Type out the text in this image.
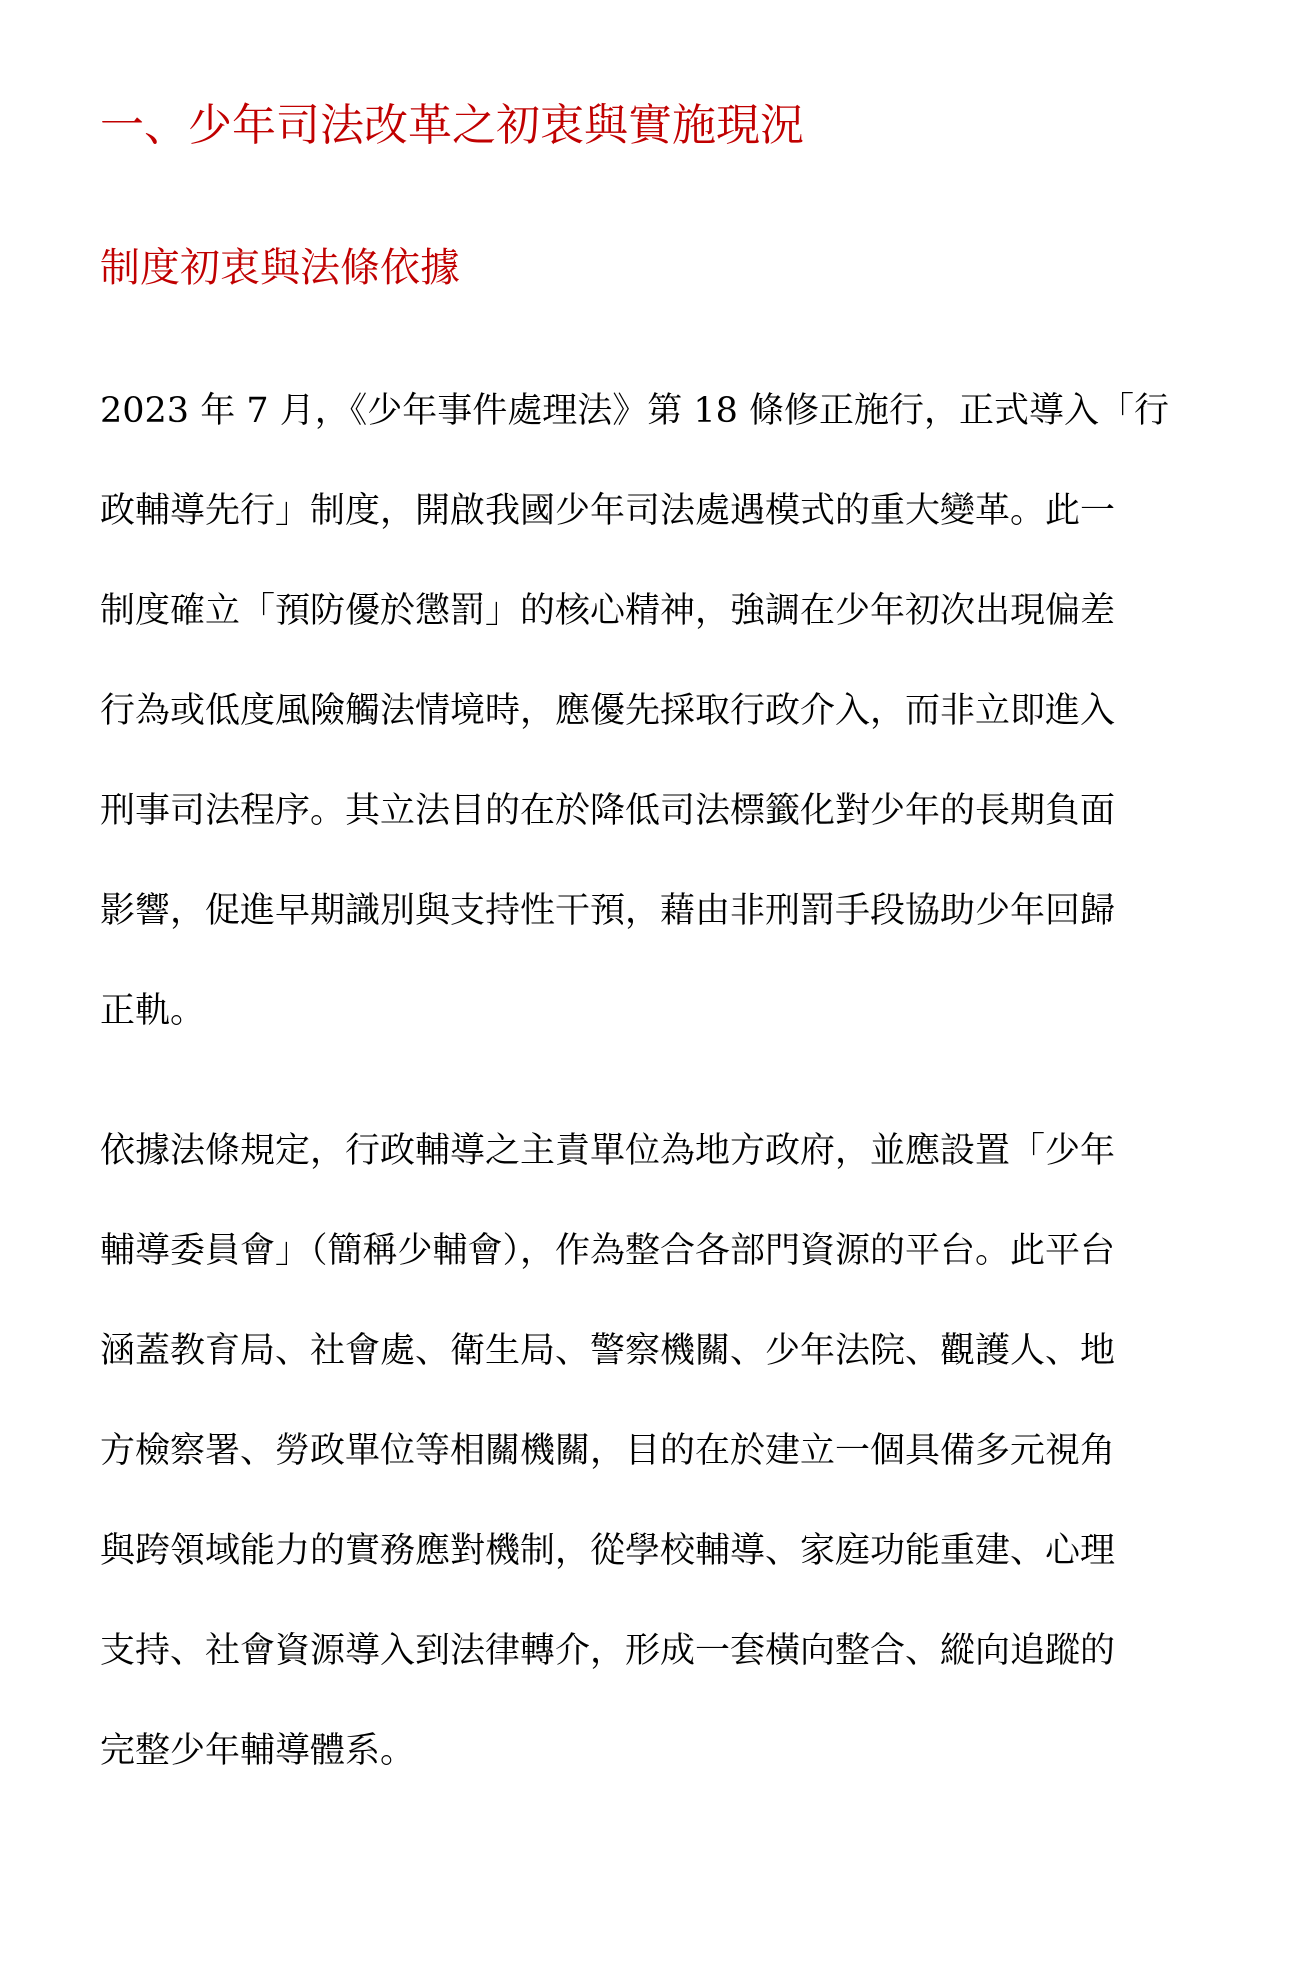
一、少年司法改革之初衷與實施現況
制度初衷與法條依據

2023 年 7 月，《少年事件處理法》第 18 條修正施行，正式導入「行

政輔導先行」制度，開啟我國少年司法處遇模式的重大變革。此一

制度確立「預防優於懲罰」的核心精神，強調在少年初次出現偏差

行為或低度風險觸法情境時，應優先採取行政介入，而非立即進入

刑事司法程序。其立法目的在於降低司法標籤化對少年的長期負面

影響，促進早期識別與支持性干預，藉由非刑罰手段協助少年回歸

正軌。

依據法條規定，行政輔導之主責單位為地方政府，並應設置「少年

輔導委員會」（簡稱少輔會），作為整合各部門資源的平台。此平台

涵蓋教育局、社會處、衛生局、警察機關、少年法院、觀護人、地

方檢察署、勞政單位等相關機關，目的在於建立一個具備多元視角

與跨領域能力的實務應對機制，從學校輔導、家庭功能重建、心理

支持、社會資源導入到法律轉介，形成一套橫向整合、縱向追蹤的

完整少年輔導體系。
